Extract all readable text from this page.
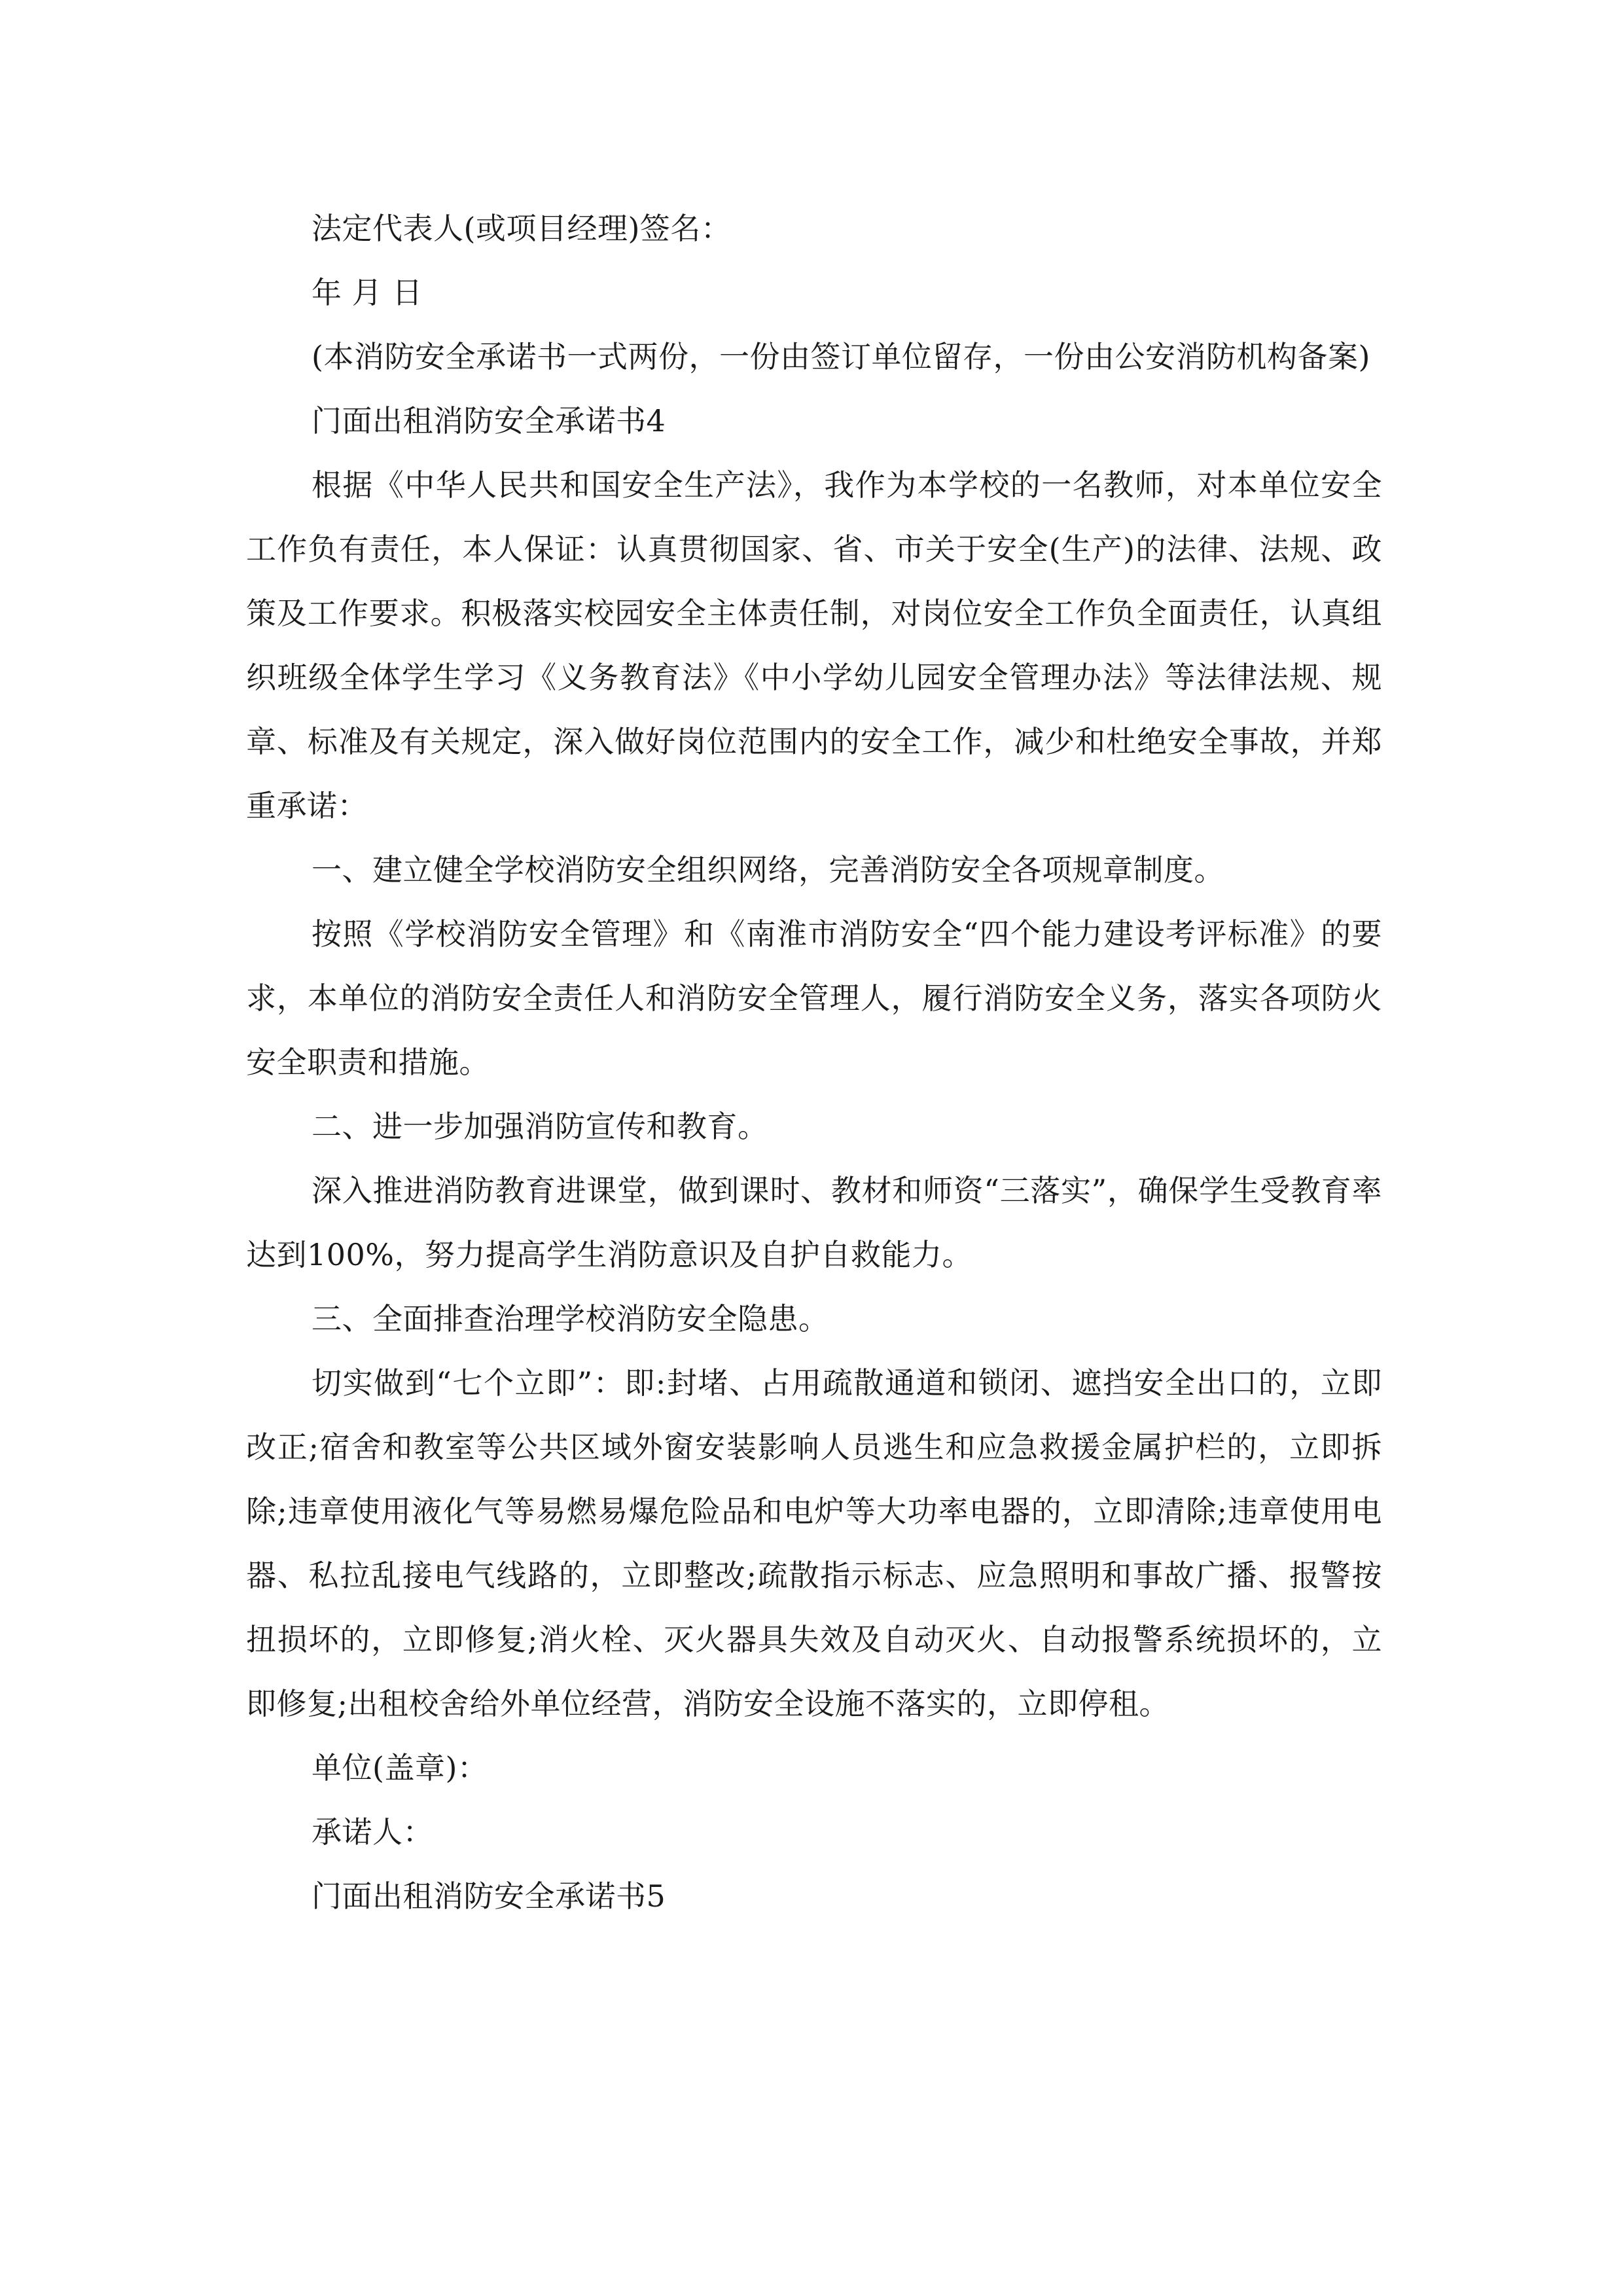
法定代表人(或项目经理)签名：

年 月 日

(本消防安全承诺书一式两份，一份由签订单位留存，一份由公安消防机构备案)

门面出租消防安全承诺书4

根据《中华人民共和国安全生产法》，我作为本学校的一名教师，对本单位安全工作负有责任，本人保证：认真贯彻国家、省、市关于安全(生产)的法律、法规、政策及工作要求。积极落实校园安全主体责任制，对岗位安全工作负全面责任，认真组织班级全体学生学习《义务教育法》《中小学幼儿园安全管理办法》等法律法规、规章、标准及有关规定，深入做好岗位范围内的安全工作，减少和杜绝安全事故，并郑重承诺：

一、建立健全学校消防安全组织网络，完善消防安全各项规章制度。

按照《学校消防安全管理》和《南淮市消防安全“四个能力建设考评标准》的要求，本单位的消防安全责任人和消防安全管理人，履行消防安全义务，落实各项防火安全职责和措施。

二、进一步加强消防宣传和教育。

深入推进消防教育进课堂，做到课时、教材和师资“三落实”，确保学生受教育率达到100%，努力提高学生消防意识及自护自救能力。

三、全面排查治理学校消防安全隐患。

切实做到“七个立即”：即:封堵、占用疏散通道和锁闭、遮挡安全出口的，立即改正;宿舍和教室等公共区域外窗安装影响人员逃生和应急救援金属护栏的，立即拆除;违章使用液化气等易燃易爆危险品和电炉等大功率电器的，立即清除;违章使用电器、私拉乱接电气线路的，立即整改;疏散指示标志、应急照明和事故广播、报警按扭损坏的，立即修复;消火栓、灭火器具失效及自动灭火、自动报警系统损坏的，立即修复;出租校舍给外单位经营，消防安全设施不落实的，立即停租。

单位(盖章)：

承诺人：

门面出租消防安全承诺书5
